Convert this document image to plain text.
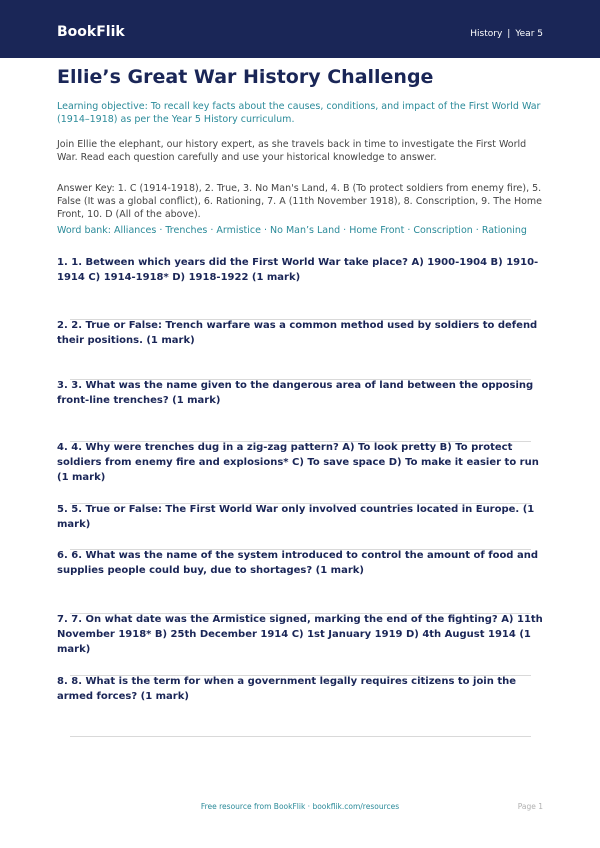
BookFlik	History | Year 5
Ellie’s Great War History Challenge
Learning objective: To recall key facts about the causes, conditions, and impact of the First World War (1914–1918) as per the Year 5 History curriculum.
Join Ellie the elephant, our history expert, as she travels back in time to investigate the First World War. Read each question carefully and use your historical knowledge to answer.
Answer Key: 1. C (1914-1918), 2. True, 3. No Man's Land, 4. B (To protect soldiers from enemy fire), 5. False (It was a global conflict), 6. Rationing, 7. A (11th November 1918), 8. Conscription, 9. The Home Front, 10. D (All of the above).
Word bank: Alliances · Trenches · Armistice · No Man’s Land · Home Front · Conscription · Rationing
1. 1. Between which years did the First World War take place? A) 1900-1904 B) 1910-1914 C) 1914-1918* D) 1918-1922 (1 mark)
2. 2. True or False: Trench warfare was a common method used by soldiers to defend their positions. (1 mark)
3. 3. What was the name given to the dangerous area of land between the opposing front-line trenches? (1 mark)
4. 4. Why were trenches dug in a zig-zag pattern? A) To look pretty B) To protect soldiers from enemy fire and explosions* C) To save space D) To make it easier to run (1 mark)
5. 5. True or False: The First World War only involved countries located in Europe. (1 mark)
6. 6. What was the name of the system introduced to control the amount of food and supplies people could buy, due to shortages? (1 mark)
7. 7. On what date was the Armistice signed, marking the end of the fighting? A) 11th November 1918* B) 25th December 1914 C) 1st January 1919 D) 4th August 1914 (1 mark)
8. 8. What is the term for when a government legally requires citizens to join the armed forces? (1 mark)
Free resource from BookFlik · bookflik.com/resources	Page 1
